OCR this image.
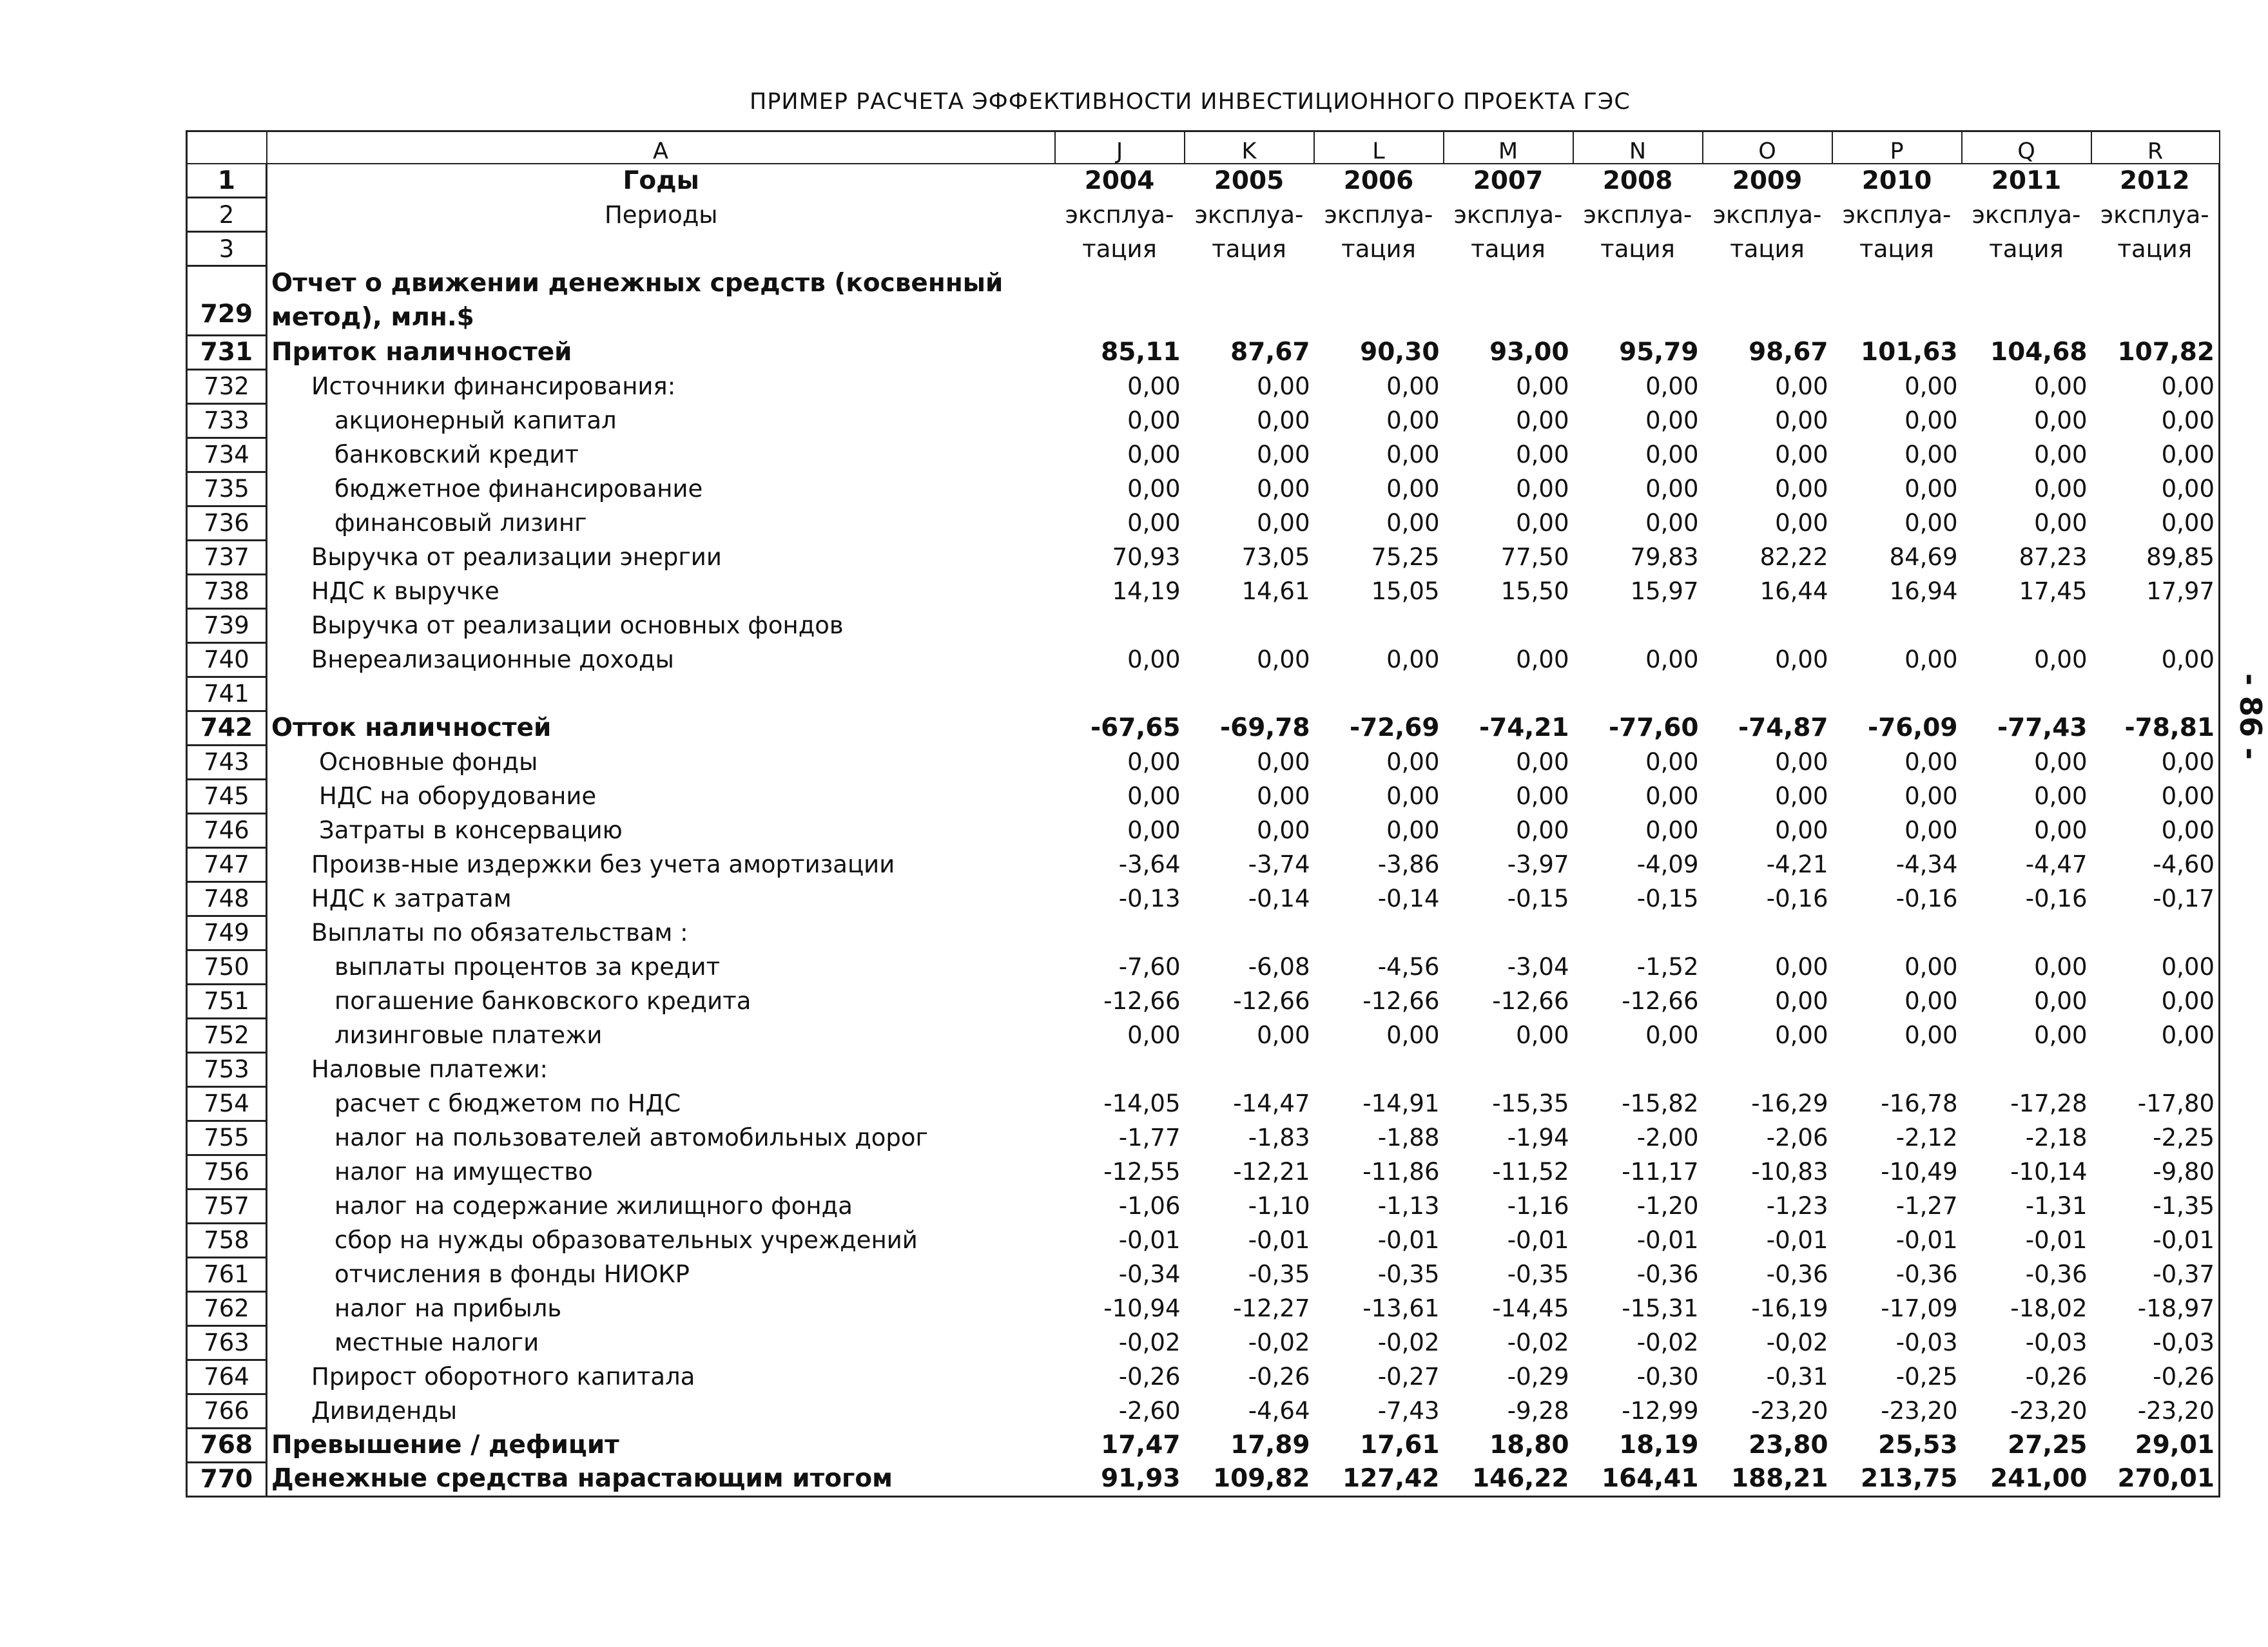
ПРИМЕР РАСЧЕТА ЭФФЕКТИВНОСТИ ИНВЕСТИЦИОННОГО ПРОЕКТА ГЭС
- 86 -
	A	J	K	L	M	N	O	P	Q	R
1	Годы	2004	2005	2006	2007	2008	2009	2010	2011	2012
2	Периоды	эксплуа-	эксплуа-	эксплуа-	эксплуа-	эксплуа-	эксплуа-	эксплуа-	эксплуа-	эксплуа-
3		тация	тация	тация	тация	тация	тация	тация	тация	тация
729	Отчет о движении денежных средств (косвенный метод), млн.$									
731	Приток наличностей	85,11	87,67	90,30	93,00	95,79	98,67	101,63	104,68	107,82
732	Источники финансирования:	0,00	0,00	0,00	0,00	0,00	0,00	0,00	0,00	0,00
733	акционерный капитал	0,00	0,00	0,00	0,00	0,00	0,00	0,00	0,00	0,00
734	банковский кредит	0,00	0,00	0,00	0,00	0,00	0,00	0,00	0,00	0,00
735	бюджетное финансирование	0,00	0,00	0,00	0,00	0,00	0,00	0,00	0,00	0,00
736	финансовый лизинг	0,00	0,00	0,00	0,00	0,00	0,00	0,00	0,00	0,00
737	Выручка от реализации энергии	70,93	73,05	75,25	77,50	79,83	82,22	84,69	87,23	89,85
738	НДС к выручке	14,19	14,61	15,05	15,50	15,97	16,44	16,94	17,45	17,97
739	Выручка от реализации основных фондов									
740	Внереализационные доходы	0,00	0,00	0,00	0,00	0,00	0,00	0,00	0,00	0,00
741										
742	Отток наличностей	-67,65	-69,78	-72,69	-74,21	-77,60	-74,87	-76,09	-77,43	-78,81
743	Основные фонды	0,00	0,00	0,00	0,00	0,00	0,00	0,00	0,00	0,00
745	НДС на оборудование	0,00	0,00	0,00	0,00	0,00	0,00	0,00	0,00	0,00
746	Затраты в консервацию	0,00	0,00	0,00	0,00	0,00	0,00	0,00	0,00	0,00
747	Произв-ные издержки без учета амортизации	-3,64	-3,74	-3,86	-3,97	-4,09	-4,21	-4,34	-4,47	-4,60
748	НДС к затратам	-0,13	-0,14	-0,14	-0,15	-0,15	-0,16	-0,16	-0,16	-0,17
749	Выплаты по обязательствам :									
750	выплаты процентов за кредит	-7,60	-6,08	-4,56	-3,04	-1,52	0,00	0,00	0,00	0,00
751	погашение банковского кредита	-12,66	-12,66	-12,66	-12,66	-12,66	0,00	0,00	0,00	0,00
752	лизинговые платежи	0,00	0,00	0,00	0,00	0,00	0,00	0,00	0,00	0,00
753	Наловые платежи:									
754	расчет с бюджетом по НДС	-14,05	-14,47	-14,91	-15,35	-15,82	-16,29	-16,78	-17,28	-17,80
755	налог на пользователей автомобильных дорог	-1,77	-1,83	-1,88	-1,94	-2,00	-2,06	-2,12	-2,18	-2,25
756	налог на имущество	-12,55	-12,21	-11,86	-11,52	-11,17	-10,83	-10,49	-10,14	-9,80
757	налог на содержание жилищного фонда	-1,06	-1,10	-1,13	-1,16	-1,20	-1,23	-1,27	-1,31	-1,35
758	сбор на нужды образовательных учреждений	-0,01	-0,01	-0,01	-0,01	-0,01	-0,01	-0,01	-0,01	-0,01
761	отчисления в фонды НИОКР	-0,34	-0,35	-0,35	-0,35	-0,36	-0,36	-0,36	-0,36	-0,37
762	налог на прибыль	-10,94	-12,27	-13,61	-14,45	-15,31	-16,19	-17,09	-18,02	-18,97
763	местные налоги	-0,02	-0,02	-0,02	-0,02	-0,02	-0,02	-0,03	-0,03	-0,03
764	Прирост оборотного капитала	-0,26	-0,26	-0,27	-0,29	-0,30	-0,31	-0,25	-0,26	-0,26
766	Дивиденды	-2,60	-4,64	-7,43	-9,28	-12,99	-23,20	-23,20	-23,20	-23,20
768	Превышение / дефицит	17,47	17,89	17,61	18,80	18,19	23,80	25,53	27,25	29,01
770	Денежные средства нарастающим итогом	91,93	109,82	127,42	146,22	164,41	188,21	213,75	241,00	270,01
